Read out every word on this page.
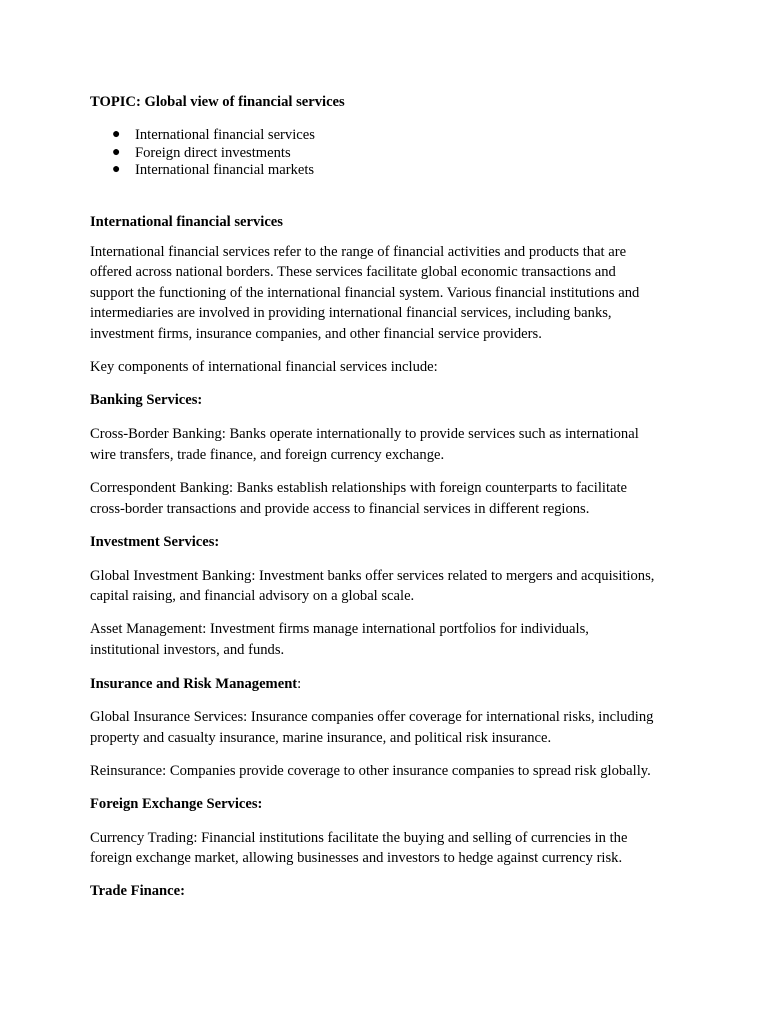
TOPIC: Global view of financial services
● International financial services
● Foreign direct investments
● International financial markets
International financial services
International financial services refer to the range of financial activities and products that are
offered across national borders. These services facilitate global economic transactions and
support the functioning of the international financial system. Various financial institutions and
intermediaries are involved in providing international financial services, including banks,
investment firms, insurance companies, and other financial service providers.
Key components of international financial services include:
Banking Services:
Cross-Border Banking: Banks operate internationally to provide services such as international
wire transfers, trade finance, and foreign currency exchange.
Correspondent Banking: Banks establish relationships with foreign counterparts to facilitate
cross-border transactions and provide access to financial services in different regions.
Investment Services:
Global Investment Banking: Investment banks offer services related to mergers and acquisitions,
capital raising, and financial advisory on a global scale.
Asset Management: Investment firms manage international portfolios for individuals,
institutional investors, and funds.
Insurance and Risk Management:
Global Insurance Services: Insurance companies offer coverage for international risks, including
property and casualty insurance, marine insurance, and political risk insurance.
Reinsurance: Companies provide coverage to other insurance companies to spread risk globally.
Foreign Exchange Services:
Currency Trading: Financial institutions facilitate the buying and selling of currencies in the
foreign exchange market, allowing businesses and investors to hedge against currency risk.
Trade Finance:
